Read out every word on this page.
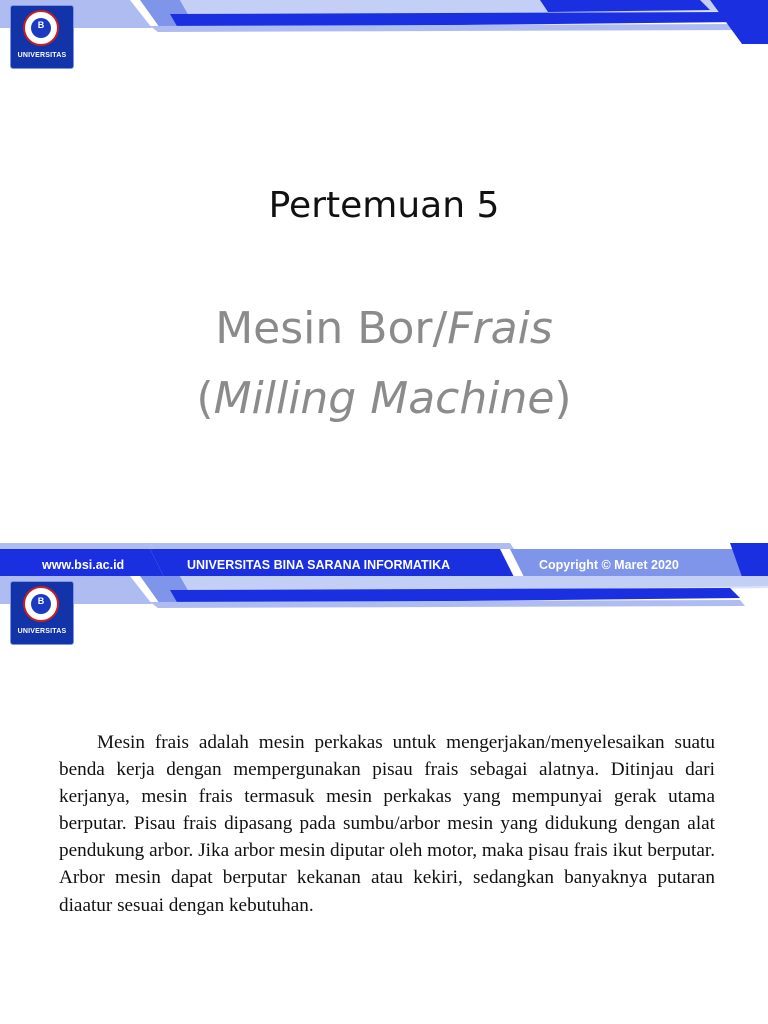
B
UNIVERSITAS
Pertemuan 5
Mesin Bor/Frais
(Milling Machine)
www.bsi.ac.id	UNIVERSITAS BINA SARANA INFORMATIKA	Copyright © Maret 2020
B
UNIVERSITAS

Mesin frais adalah mesin perkakas untuk mengerjakan/menyelesaikan suatu benda kerja dengan mempergunakan pisau frais sebagai alatnya. Ditinjau dari kerjanya, mesin frais termasuk mesin perkakas yang mempunyai gerak utama berputar. Pisau frais dipasang pada sumbu/arbor mesin yang didukung dengan alat pendukung arbor. Jika arbor mesin diputar oleh motor, maka pisau frais ikut berputar. Arbor mesin dapat berputar kekanan atau kekiri, sedangkan banyaknya putaran diaatur sesuai dengan kebutuhan.
